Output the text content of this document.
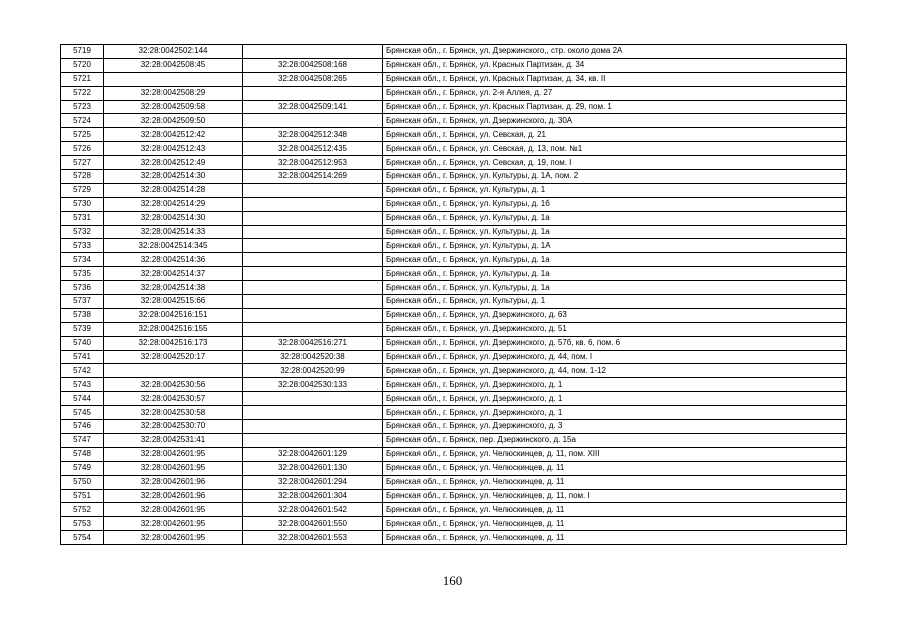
5719	32:28:0042502:144		Брянская обл., г. Брянск, ул. Дзержинского,, стр. около дома 2А
5720	32:28:0042508:45	32:28:0042508:168	Брянская обл., г. Брянск, ул. Красных Партизан, д. 34
5721		32:28:0042508:265	Брянская обл., г. Брянск, ул. Красных Партизан, д. 34, кв. II
5722	32:28:0042508:29		Брянская обл., г. Брянск, ул. 2-я Аллея, д. 27
5723	32:28:0042509:58	32:28:0042509:141	Брянская обл., г. Брянск, ул. Красных Партизан, д. 29, пом. 1
5724	32:28:0042509:50		Брянская обл., г. Брянск, ул. Дзержинского, д. 30А
5725	32:28:0042512:42	32:28:0042512:348	Брянская обл., г. Брянск, ул. Севская, д. 21
5726	32:28:0042512:43	32:28:0042512:435	Брянская обл., г. Брянск, ул. Севская, д. 13, пом. №1
5727	32:28:0042512:49	32:28:0042512:953	Брянская обл., г. Брянск, ул. Севская, д. 19, пом. I
5728	32:28:0042514:30	32:28:0042514:269	Брянская обл., г. Брянск, ул. Культуры, д. 1А, пом. 2
5729	32:28:0042514:28		Брянская обл., г. Брянск, ул. Культуры, д. 1
5730	32:28:0042514:29		Брянская обл., г. Брянск, ул. Культуры, д. 1б
5731	32:28:0042514:30		Брянская обл., г. Брянск, ул. Культуры, д. 1а
5732	32:28:0042514:33		Брянская обл., г. Брянск, ул. Культуры, д. 1а
5733	32:28:0042514:345		Брянская обл., г. Брянск, ул. Культуры, д. 1А
5734	32:28:0042514:36		Брянская обл., г. Брянск, ул. Культуры, д. 1а
5735	32:28:0042514:37		Брянская обл., г. Брянск, ул. Культуры, д. 1а
5736	32:28:0042514:38		Брянская обл., г. Брянск, ул. Культуры, д. 1а
5737	32:28:0042515:66		Брянская обл., г. Брянск, ул. Культуры, д. 1
5738	32:28:0042516:151		Брянская обл., г. Брянск, ул. Дзержинского, д. 63
5739	32:28:0042516:155		Брянская обл., г. Брянск, ул. Дзержинского, д. 51
5740	32:28:0042516:173	32:28:0042516:271	Брянская обл., г. Брянск, ул. Дзержинского, д. 57б, кв. 6, пом. 6
5741	32:28:0042520:17	32:28:0042520:38	Брянская обл., г. Брянск, ул. Дзержинского, д. 44, пом. I
5742		32:28:0042520:99	Брянская обл., г. Брянск, ул. Дзержинского, д. 44, пом. 1-12
5743	32:28:0042530:56	32:28:0042530:133	Брянская обл., г. Брянск, ул. Дзержинского, д. 1
5744	32:28:0042530:57		Брянская обл., г. Брянск, ул. Дзержинского, д. 1
5745	32:28:0042530:58		Брянская обл., г. Брянск, ул. Дзержинского, д. 1
5746	32:28:0042530:70		Брянская обл., г. Брянск, ул. Дзержинского, д. 3
5747	32:28:0042531:41		Брянская обл., г. Брянск, пер. Дзержинского, д. 15а
5748	32:28:0042601:95	32:28:0042601:129	Брянская обл., г. Брянск, ул. Челюскинцев, д. 11, пом. XIII
5749	32:28:0042601:95	32:28:0042601:130	Брянская обл., г. Брянск, ул. Челюскинцев, д. 11
5750	32:28:0042601:96	32:28:0042601:294	Брянская обл., г. Брянск, ул. Челюскинцев, д. 11
5751	32:28:0042601:96	32:28:0042601:304	Брянская обл., г. Брянск, ул. Челюскинцев, д. 11, пом. I
5752	32:28:0042601:95	32:28:0042601:542	Брянская обл., г. Брянск, ул. Челюскинцев, д. 11
5753	32:28:0042601:95	32:28:0042601:550	Брянская обл., г. Брянск, ул. Челюскинцев, д. 11
5754	32:28:0042601:95	32:28:0042601:553	Брянская обл., г. Брянск, ул. Челюскинцев, д. 11
160
